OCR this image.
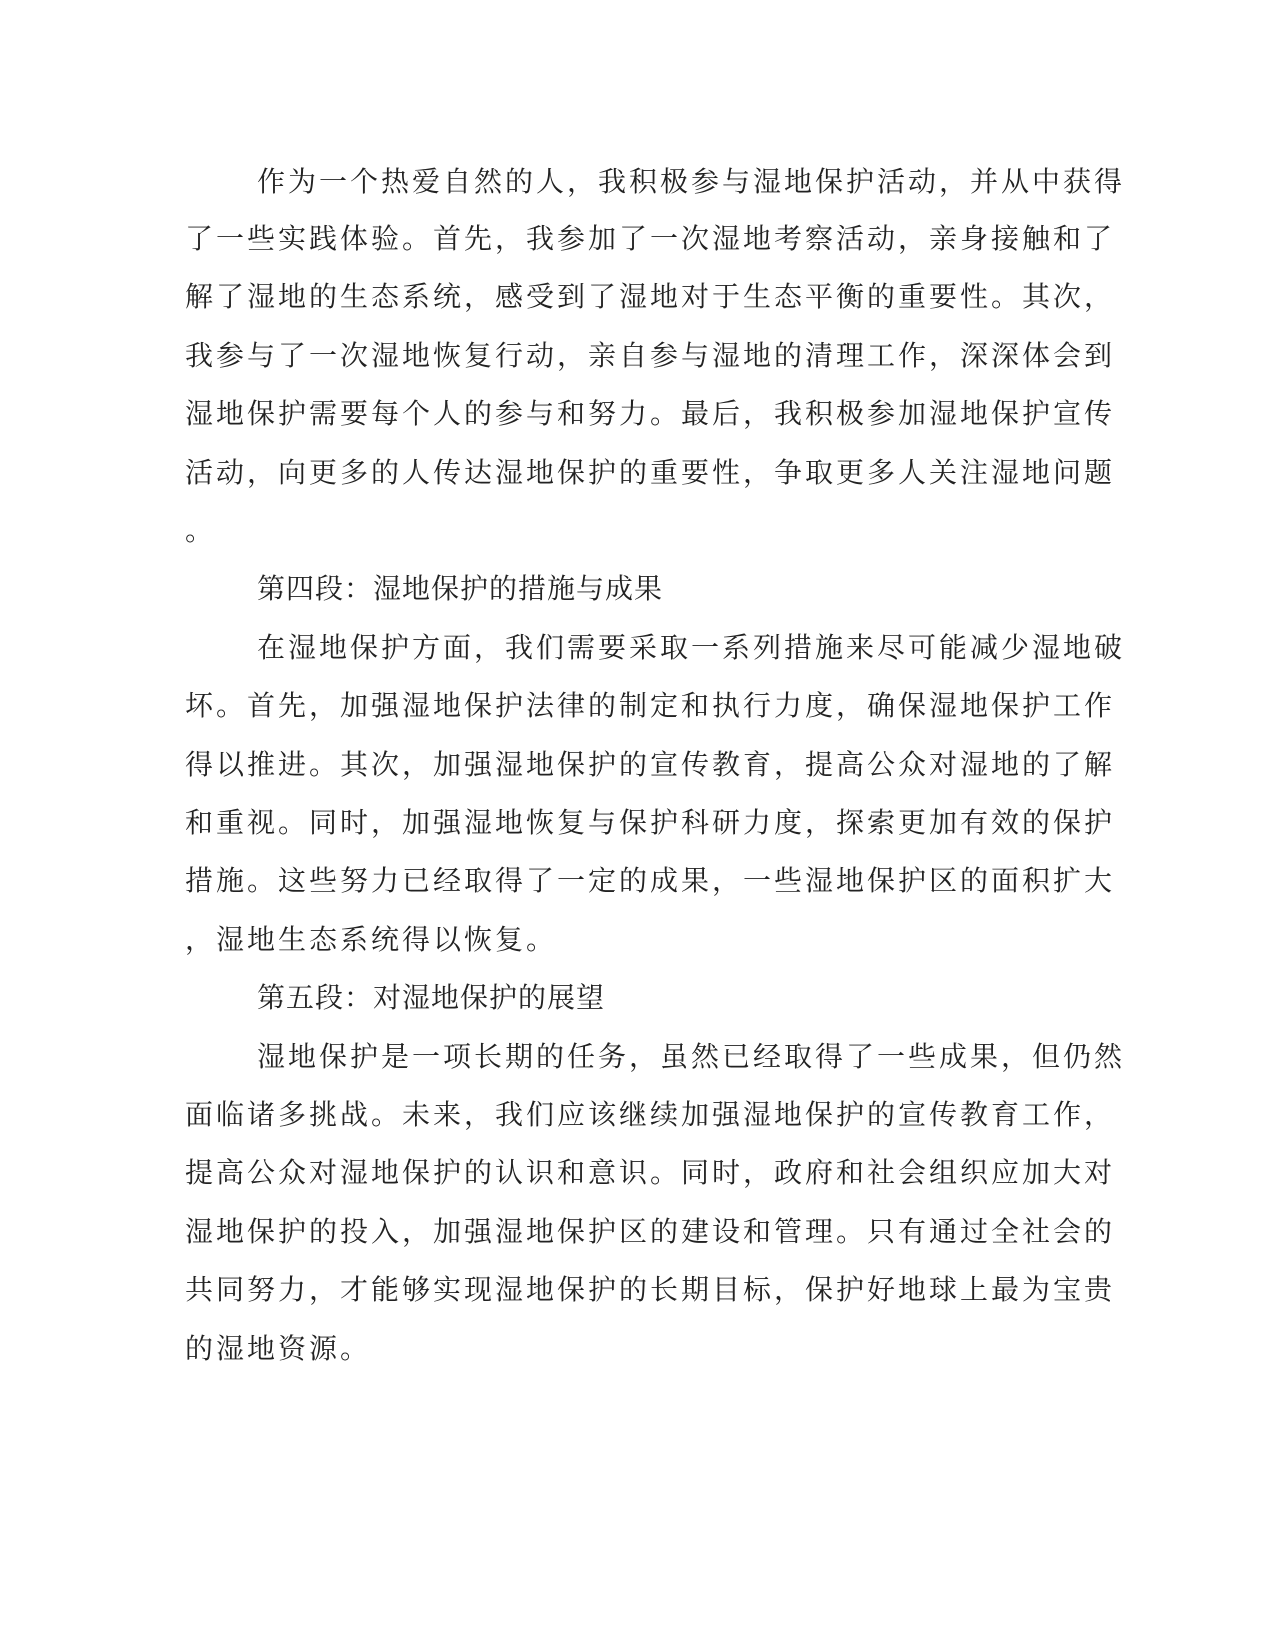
作为一个热爱自然的人，我积极参与湿地保护活动，并从中获得
了一些实践体验。首先，我参加了一次湿地考察活动，亲身接触和了
解了湿地的生态系统，感受到了湿地对于生态平衡的重要性。其次，
我参与了一次湿地恢复行动，亲自参与湿地的清理工作，深深体会到
湿地保护需要每个人的参与和努力。最后，我积极参加湿地保护宣传
活动，向更多的人传达湿地保护的重要性，争取更多人关注湿地问题
。
第四段：湿地保护的措施与成果
在湿地保护方面，我们需要采取一系列措施来尽可能减少湿地破
坏。首先，加强湿地保护法律的制定和执行力度，确保湿地保护工作
得以推进。其次，加强湿地保护的宣传教育，提高公众对湿地的了解
和重视。同时，加强湿地恢复与保护科研力度，探索更加有效的保护
措施。这些努力已经取得了一定的成果，一些湿地保护区的面积扩大
，湿地生态系统得以恢复。
第五段：对湿地保护的展望
湿地保护是一项长期的任务，虽然已经取得了一些成果，但仍然
面临诸多挑战。未来，我们应该继续加强湿地保护的宣传教育工作，
提高公众对湿地保护的认识和意识。同时，政府和社会组织应加大对
湿地保护的投入，加强湿地保护区的建设和管理。只有通过全社会的
共同努力，才能够实现湿地保护的长期目标，保护好地球上最为宝贵
的湿地资源。
